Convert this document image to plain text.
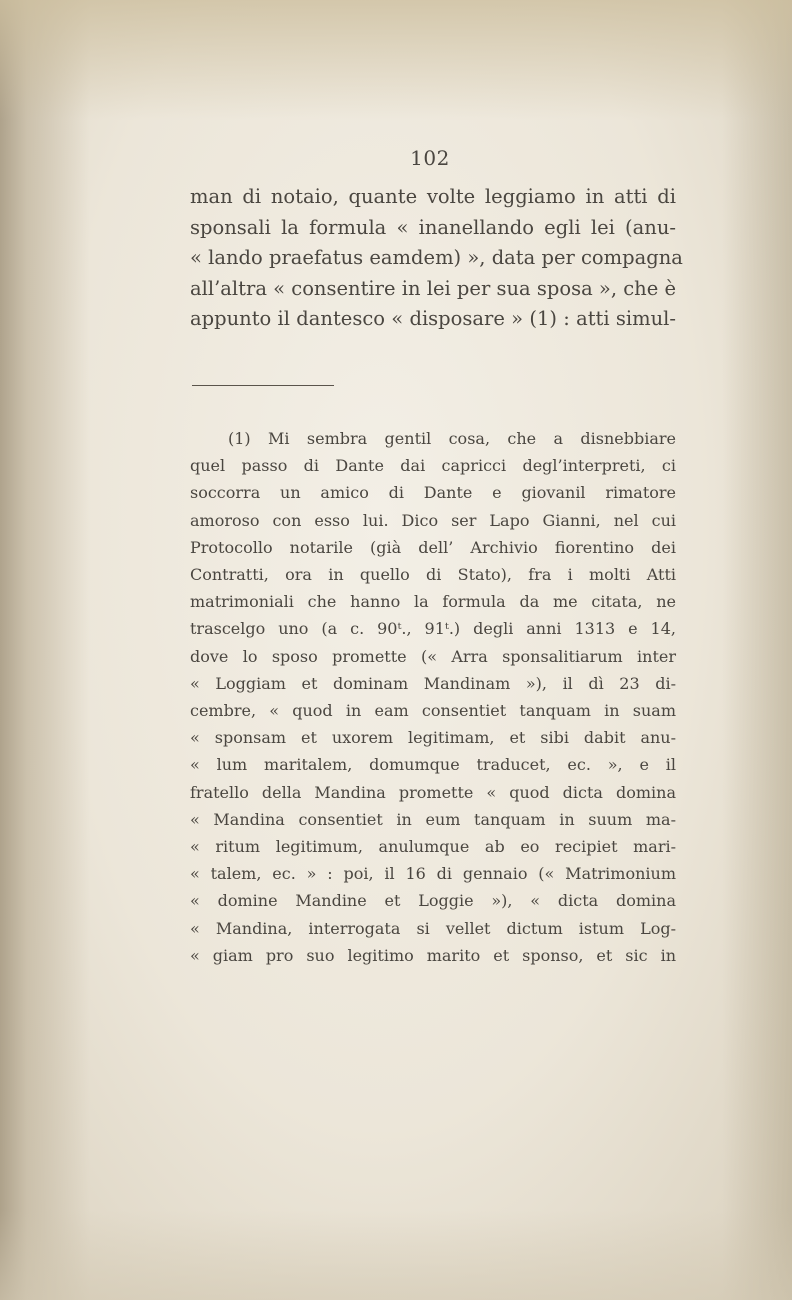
102
man di notaio, quante volte leggiamo in atti di
sponsali la formula « inanellando egli lei (anu-
« lando praefatus eamdem) », data per compagna
all’altra « consentire in lei per sua sposa », che è
appunto il dantesco « disposare » (1) : atti simul-
(1) Mi sembra gentil cosa, che a disnebbiare
quel passo di Dante dai capricci degl’interpreti, ci
soccorra un amico di Dante e giovanil rimatore
amoroso con esso lui. Dico ser Lapo Gianni, nel cui
Protocollo notarile (già dell’ Archivio fiorentino dei
Contratti, ora in quello di Stato), fra i molti Atti
matrimoniali che hanno la formula da me citata, ne
trascelgo uno (a c. 90ᵗ., 91ᵗ.) degli anni 1313 e 14,
dove lo sposo promette (« Arra sponsalitiarum inter
« Loggiam et dominam Mandinam »), il dì 23 di-
cembre, « quod in eam consentiet tanquam in suam
« sponsam et uxorem legitimam, et sibi dabit anu-
« lum maritalem, domumque traducet, ec. », e il
fratello della Mandina promette « quod dicta domina
« Mandina consentiet in eum tanquam in suum ma-
« ritum legitimum, anulumque ab eo recipiet mari-
« talem, ec. » : poi, il 16 di gennaio (« Matrimonium
« domine Mandine et Loggie »), « dicta domina
« Mandina, interrogata si vellet dictum istum Log-
« giam pro suo legitimo marito et sponso, et sic in
